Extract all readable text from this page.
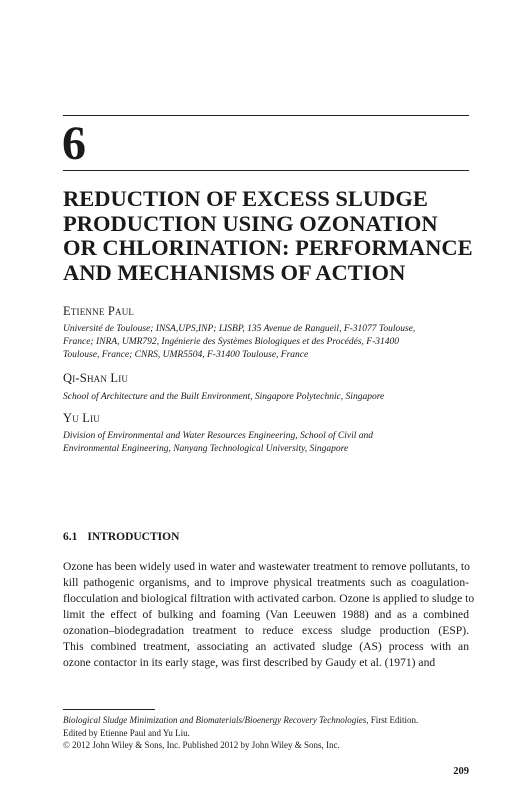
6
REDUCTION OF EXCESS SLUDGE
PRODUCTION USING OZONATION
OR CHLORINATION: PERFORMANCE
AND MECHANISMS OF ACTION
Etienne Paul
Université de Toulouse; INSA,UPS,INP; LISBP, 135 Avenue de Rangueil, F-31077 Toulouse,
France; INRA, UMR792, Ingénierie des Systèmes Biologiques et des Procédés, F-31400
Toulouse, France; CNRS, UMR5504, F-31400 Toulouse, France
Qi-Shan Liu
School of Architecture and the Built Environment, Singapore Polytechnic, Singapore
Yu Liu
Division of Environmental and Water Resources Engineering, School of Civil and
Environmental Engineering, Nanyang Technological University, Singapore
6.1 INTRODUCTION
Ozone has been widely used in water and wastewater treatment to remove pollutants, to
kill pathogenic organisms, and to improve physical treatments such as coagulation-
flocculation and biological filtration with activated carbon. Ozone is applied to sludge to
limit the effect of bulking and foaming (Van Leeuwen 1988) and as a combined
ozonation–biodegradation treatment to reduce excess sludge production (ESP).
This combined treatment, associating an activated sludge (AS) process with an
ozone contactor in its early stage, was first described by Gaudy et al. (1971) and
Biological Sludge Minimization and Biomaterials/Bioenergy Recovery Technologies, First Edition.
Edited by Etienne Paul and Yu Liu.
© 2012 John Wiley & Sons, Inc. Published 2012 by John Wiley & Sons, Inc.
209
